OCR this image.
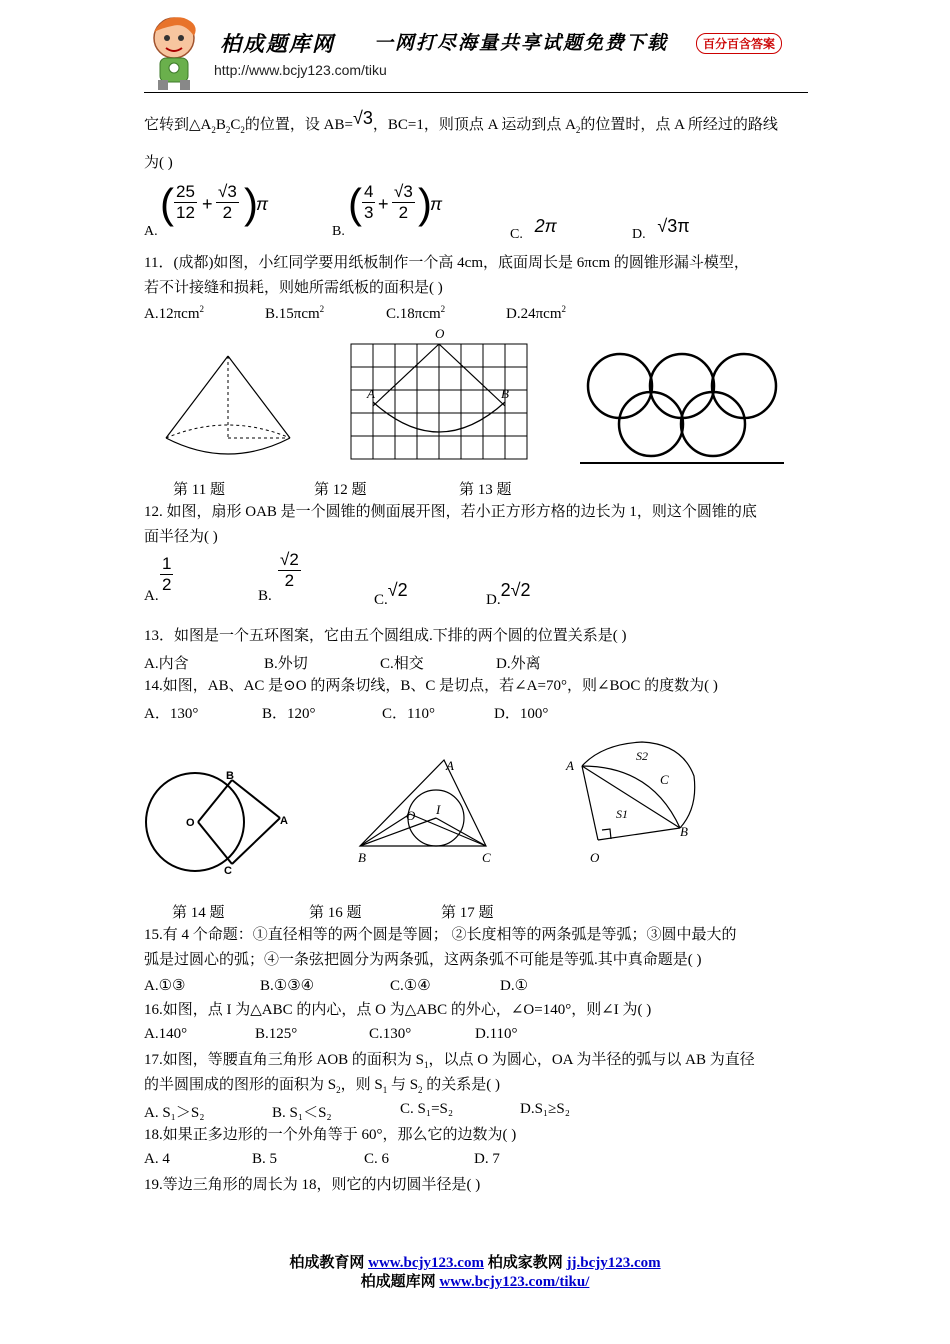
柏成题库网 一网打尽海量共享试题免费下载	百分百含答案
http://www.bcjy123.com/tiku
它转到$\triangle A_2B_2C_2$的位置，设 AB=√3，BC=1，则顶点 A 运动到点 $A_2$的位置时，点 A 所经过的路线
为( )
A.
( $\frac{25}{12} + \frac{√3}{2}$ )
π
B.
( $\frac{4}{3} + \frac{√3}{2}$ )
π
C. 2π	D. √3π
11．(成都)如图，小红同学要用纸板制作一个高 4cm，底面周长是 6πcm 的圆锥形漏斗模型，
若不计接缝和损耗，则她所需纸板的面积是( )
A.12πcm$^2$	B.15πcm$^2$	C.18πcm$^2$	D.24πcm$^2$
O
A	B
第 11 题	第 12 题	第 13 题
12. 如图，扇形 OAB 是一个圆锥的侧面展开图，若小正方形方格的边长为 1，则这个圆锥的底
面半径为( )
A.
$\frac{1}{2}$
B.
$\frac{√2}{2}$
C.√2	D.2√2
13．如图是一个五环图案，它由五个圆组成.下排的两个圆的位置关系是( )
A.内含	B.外切	C.相交	D.外离
14.如图，AB、AC 是⊙O 的两条切线，B、C 是切点，若∠A=70°，则∠BOC 的度数为( )
A．130°	B．120°	C．110°	D．100°
B
O	A
C
A
O I
B	C
A
S2
C
S1
B
O
第 14 题	第 16 题	第 17 题
15.有 4 个命题：①直径相等的两个圆是等圆； ②长度相等的两条弧是等弧；③圆中最大的
弧是过圆心的弧；④一条弦把圆分为两条弧，这两条弧不可能是等弧.其中真命题是( )
A.①③	B.①③④	C.①④	D.①
16.如图，点 I 为△ABC 的内心，点 O 为△ABC 的外心，∠O=140°，则∠I 为( )
A.140°	B.125°	C.130°	D.110°
17.如图，等腰直角三角形 AOB 的面积为 $S_1$，以点 O 为圆心，OA 为半径的弧与以 AB 为直径
的半圆围成的图形的面积为 $S_2$，则 $S_1$ 与 $S_2$ 的关系是( )
A. S₁＞S₂	B. S₁＜S₂	C. S₁=S₂	D.S₁≥S₂
18.如果正多边形的一个外角等于 60°，那么它的边数为( )
A. 4	B. 5	C. 6	D. 7
19.等边三角形的周长为 18，则它的内切圆半径是( )
柏成教育网 www.bcjy123.com 柏成家教网 jj.bcjy123.com
柏成题库网 www.bcjy123.com/tiku/
